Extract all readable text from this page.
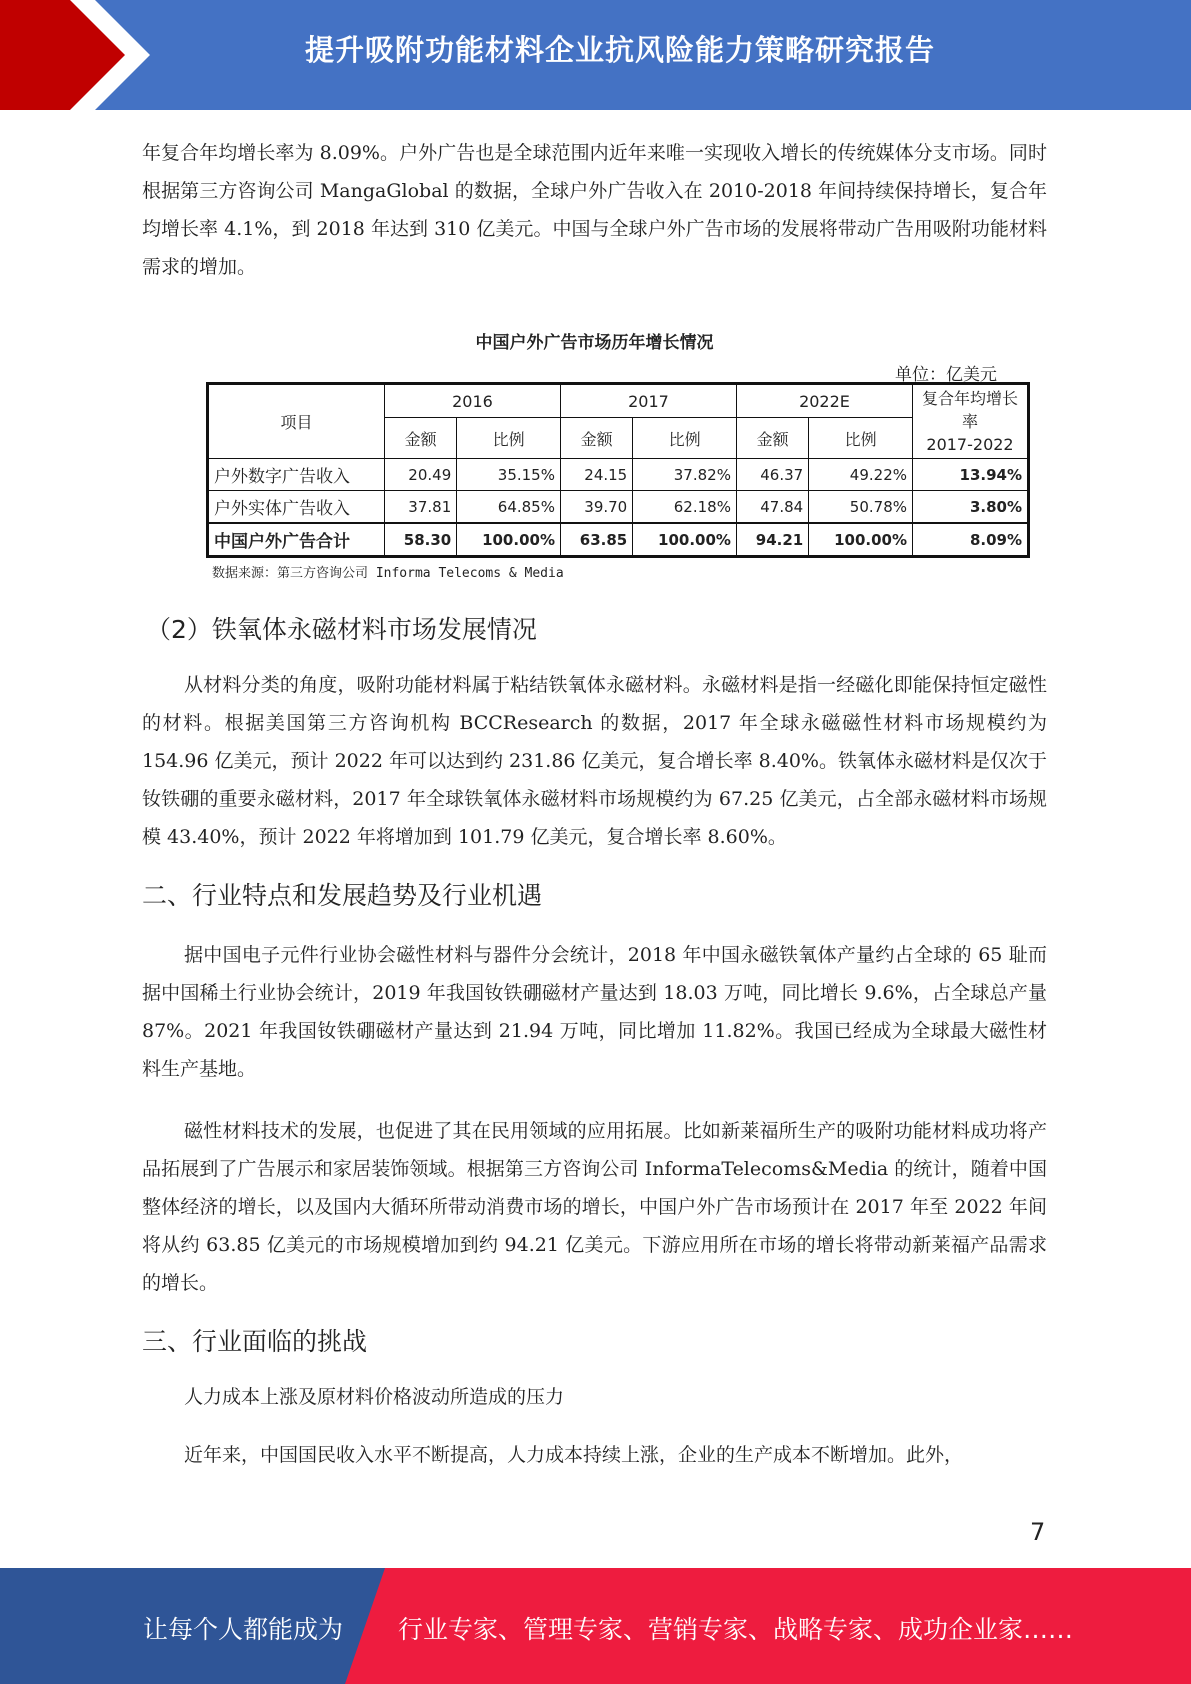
提升吸附功能材料企业抗风险能力策略研究报告

年复合年均增长率为 8.09%。户外广告也是全球范围内近年来唯一实现收入增长的传统媒体分支市场。同时根据第三方咨询公司 MangaGlobal 的数据，全球户外广告收入在 2010-2018 年间持续保持增长，复合年均增长率 4.1%，到 2018 年达到 310 亿美元。中国与全球户外广告市场的发展将带动广告用吸附功能材料需求的增加。

中国户外广告市场历年增长情况
单位：亿美元
项目	2016		2017		2022E		复合年均增长
率
2017-2022
	金额	比例	金额	比例	金额	比例	
户外数字广告收入	20.49	35.15%	24.15	37.82%	46.37	49.22%	13.94%
户外实体广告收入	37.81	64.85%	39.70	62.18%	47.84	50.78%	3.80%
中国户外广告合计	58.30	100.00%	63.85	100.00%	94.21	100.00%	8.09%
数据来源：第三方咨询公司 Informa Telecoms & Media
（2）铁氧体永磁材料市场发展情况

从材料分类的角度，吸附功能材料属于粘结铁氧体永磁材料。永磁材料是指一经磁化即能保持恒定磁性的材料。根据美国第三方咨询机构 BCCResearch 的数据，2017 年全球永磁磁性材料市场规模约为 154.96 亿美元，预计 2022 年可以达到约 231.86 亿美元，复合增长率 8.40%。铁氧体永磁材料是仅次于钕铁硼的重要永磁材料，2017 年全球铁氧体永磁材料市场规模约为 67.25 亿美元，占全部永磁材料市场规模 43.40%，预计 2022 年将增加到 101.79 亿美元，复合增长率 8.60%。

二、行业特点和发展趋势及行业机遇

据中国电子元件行业协会磁性材料与器件分会统计，2018 年中国永磁铁氧体产量约占全球的 65 耻而据中国稀土行业协会统计，2019 年我国钕铁硼磁材产量达到 18.03 万吨，同比增长 9.6%，占全球总产量 87%。2021 年我国钕铁硼磁材产量达到 21.94 万吨，同比增加 11.82%。我国已经成为全球最大磁性材料生产基地。

磁性材料技术的发展，也促进了其在民用领域的应用拓展。比如新莱福所生产的吸附功能材料成功将产品拓展到了广告展示和家居装饰领域。根据第三方咨询公司 InformaTelecoms&Media 的统计，随着中国整体经济的增长，以及国内大循环所带动消费市场的增长，中国户外广告市场预计在 2017 年至 2022 年间将从约 63.85 亿美元的市场规模增加到约 94.21 亿美元。下游应用所在市场的增长将带动新莱福产品需求的增长。

三、行业面临的挑战

人力成本上涨及原材料价格波动所造成的压力

近年来，中国国民收入水平不断提高，人力成本持续上涨，企业的生产成本不断增加。此外，

7
让每个人都能成为 行业专家、管理专家、营销专家、战略专家、成功企业家……
